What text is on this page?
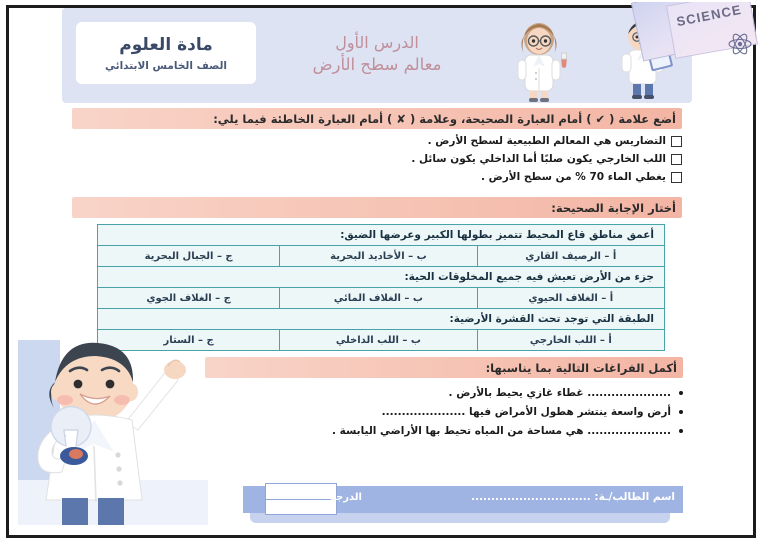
مادة العلوم
الصف الخامس الابتدائي
الدرس الأول
معالم سطح الأرض
SCIENCE
أضع علامة ( ✔ ) أمام العبارة الصحيحة، وعلامة ( ✘ ) أمام العبارة الخاطئة فيما يلي:
التضاريس هي المعالم الطبيعية لسطح الأرض .
اللب الخارجي يكون صلبًا أما الداخلي يكون سائل .
يغطي الماء 70 % من سطح الأرض .
أختار الإجابة الصحيحة:
أعمق مناطق قاع المحيط تتميز بطولها الكبير وعرضها الضيق:		
أ – الرصيف القاري	ب – الأخاديد البحرية	ج – الجبال البحرية
جزء من الأرض تعيش فيه جميع المخلوقات الحية:		
أ – الغلاف الحيوي	ب – الغلاف المائي	ج – الغلاف الجوي
الطبقة التي توجد تحت القشرة الأرضية:		
أ – اللب الخارجي	ب – اللب الداخلي	ج – الستار
أكمل الفراغات التالية بما يناسبها:
..................... غطاء غازي يحيط بالأرض .
أرض واسعة ينتشر هطول الأمراض فيها .....................
..................... هي مساحة من المياه تحيط بها الأراضي اليابسة .
اسم الطالب/ـة: ..............................
الدرجة
